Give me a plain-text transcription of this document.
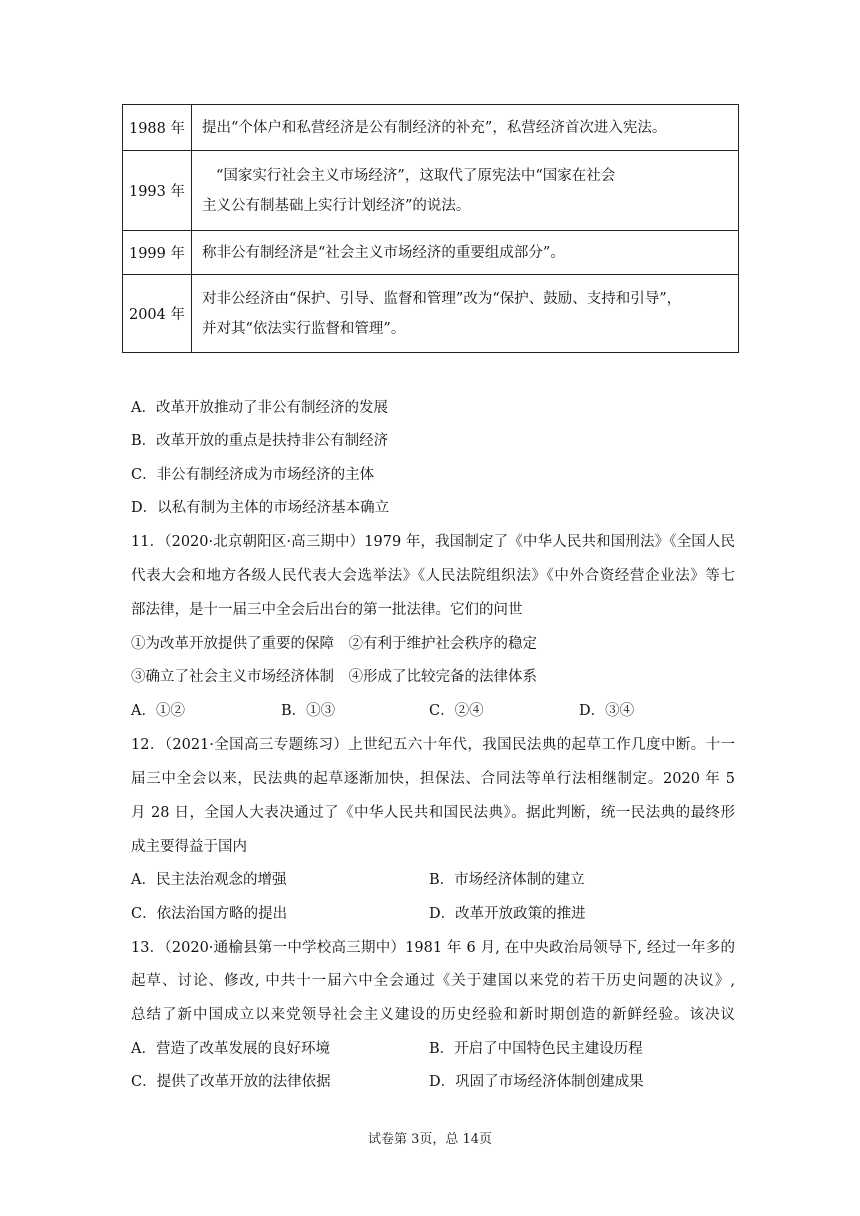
1988 年	提出“个体户和私营经济是公有制经济的补充”，私营经济首次进入宪法。

1993 年	“国家实行社会主义市场经济”，这取代了原宪法中“国家在社会
主义公有制基础上实行计划经济”的说法。

1999 年	称非公有制经济是“社会主义市场经济的重要组成部分”。

2004 年	对非公经济由“保护、引导、监督和管理”改为“保护、鼓励、支持和引导”，
并对其“依法实行监督和管理”。
A．改革开放推动了非公有制经济的发展
B．改革开放的重点是扶持非公有制经济
C．非公有制经济成为市场经济的主体
D．以私有制为主体的市场经济基本确立
11．（2020·北京朝阳区·高三期中）1979 年，我国制定了《中华人民共和国刑法》《全国人民
代表大会和地方各级人民代表大会选举法》《人民法院组织法》《中外合资经营企业法》等七
部法律，是十一届三中全会后出台的第一批法律。它们的问世
①为改革开放提供了重要的保障　②有利于维护社会秩序的稳定
③确立了社会主义市场经济体制　④形成了比较完备的法律体系
A．①②	B．①③	C．②④	D．③④
12．（2021·全国高三专题练习）上世纪五六十年代，我国民法典的起草工作几度中断。十一
届三中全会以来，民法典的起草逐渐加快，担保法、合同法等单行法相继制定。2020 年 5
月 28 日，全国人大表决通过了《中华人民共和国民法典》。据此判断，统一民法典的最终形
成主要得益于国内
A．民主法治观念的增强	B．市场经济体制的建立
C．依法治国方略的提出	D．改革开放政策的推进
13．（2020·通榆县第一中学校高三期中）1981 年 6 月, 在中央政治局领导下, 经过一年多的
起草、讨论、修改, 中共十一届六中全会通过《关于建国以来党的若干历史问题的决议》,
总结了新中国成立以来党领导社会主义建设的历史经验和新时期创造的新鲜经验。该决议
A．营造了改革发展的良好环境	B．开启了中国特色民主建设历程
C．提供了改革开放的法律依据	D．巩固了市场经济体制创建成果
试卷第 3页，总 14页
